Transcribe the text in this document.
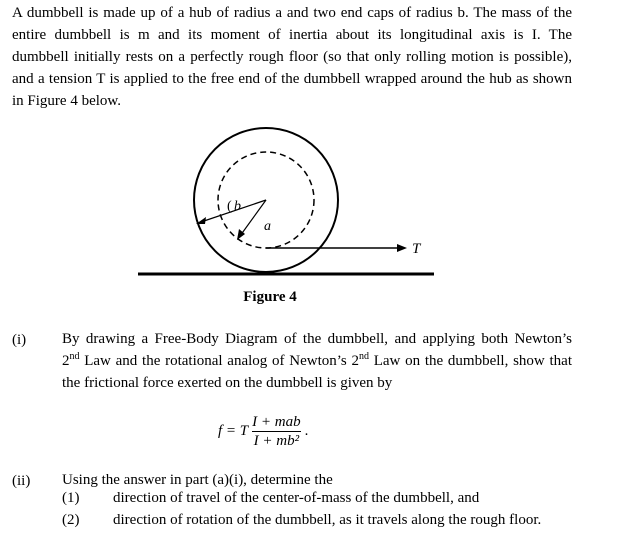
A dumbbell is made up of a hub of radius a and two end caps of radius b. The mass of the
entire dumbbell is m and its moment of inertia about its longitudinal axis is I. The
dumbbell initially rests on a perfectly rough floor (so that only rolling motion is possible),
and a tension T is applied to the free end of the dumbbell wrapped around the hub as shown
in Figure 4 below.
( b
a
T
Figure 4
(i) By drawing a Free-Body Diagram of the dumbbell, and applying both Newton’s
2nd Law and the rotational analog of Newton’s 2nd Law on the dumbbell, show that
the frictional force exerted on the dumbbell is given by
f = T $\frac{\text{I + mab}}{\text{I + mb²}}$ .
(ii) Using the answer in part (a)(i), determine the
(1) direction of travel of the center-of-mass of the dumbbell, and
(2) direction of rotation of the dumbbell, as it travels along the rough floor.
